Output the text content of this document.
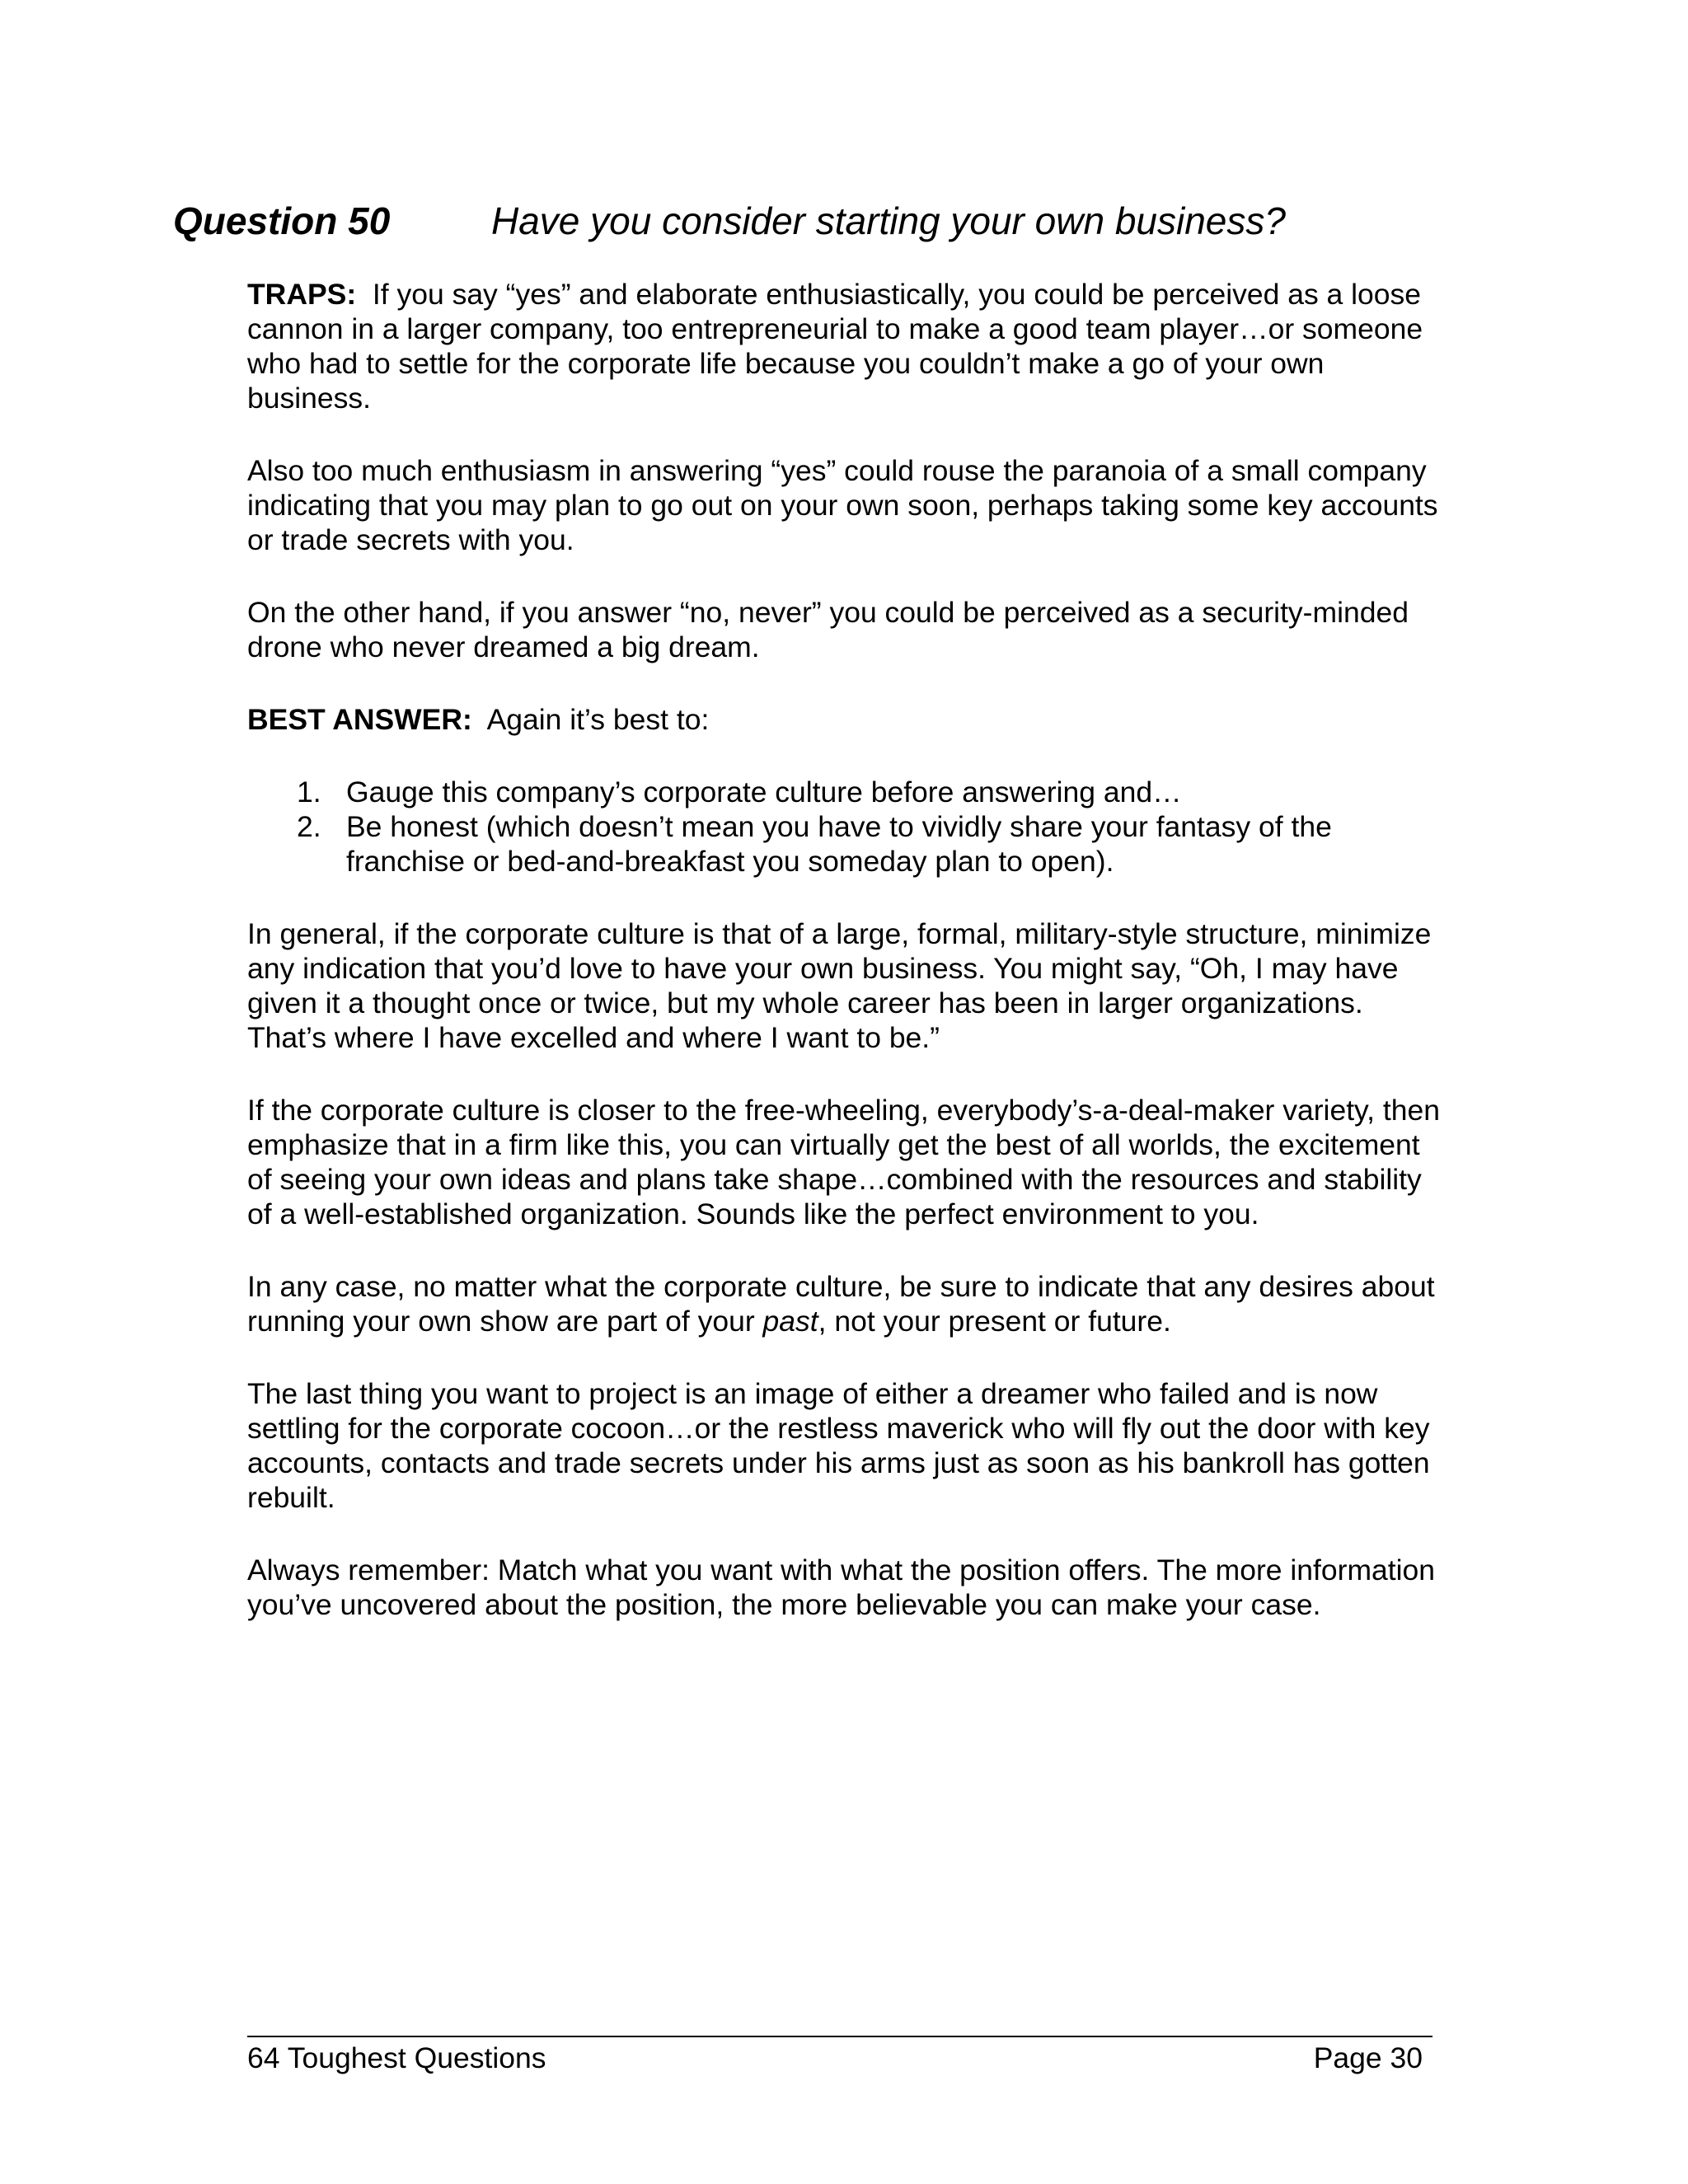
Question 50	Have you consider starting your own business?

TRAPS: If you say “yes” and elaborate enthusiastically, you could be perceived as a loose cannon in a larger company, too entrepreneurial to make a good team player…or someone who had to settle for the corporate life because you couldn’t make a go of your own business.

Also too much enthusiasm in answering “yes” could rouse the paranoia of a small company indicating that you may plan to go out on your own soon, perhaps taking some key accounts or trade secrets with you.

On the other hand, if you answer “no, never” you could be perceived as a security-minded drone who never dreamed a big dream.

BEST ANSWER: Again it’s best to:

1. Gauge this company’s corporate culture before answering and…
2. Be honest (which doesn’t mean you have to vividly share your fantasy of the franchise or bed-and-breakfast you someday plan to open).

In general, if the corporate culture is that of a large, formal, military-style structure, minimize any indication that you’d love to have your own business. You might say, “Oh, I may have given it a thought once or twice, but my whole career has been in larger organizations. That’s where I have excelled and where I want to be.”

If the corporate culture is closer to the free-wheeling, everybody’s-a-deal-maker variety, then emphasize that in a firm like this, you can virtually get the best of all worlds, the excitement of seeing your own ideas and plans take shape…combined with the resources and stability of a well-established organization. Sounds like the perfect environment to you.

In any case, no matter what the corporate culture, be sure to indicate that any desires about running your own show are part of your past, not your present or future.

The last thing you want to project is an image of either a dreamer who failed and is now settling for the corporate cocoon…or the restless maverick who will fly out the door with key accounts, contacts and trade secrets under his arms just as soon as his bankroll has gotten rebuilt.

Always remember: Match what you want with what the position offers. The more information you’ve uncovered about the position, the more believable you can make your case.

64 Toughest Questions	Page 30
